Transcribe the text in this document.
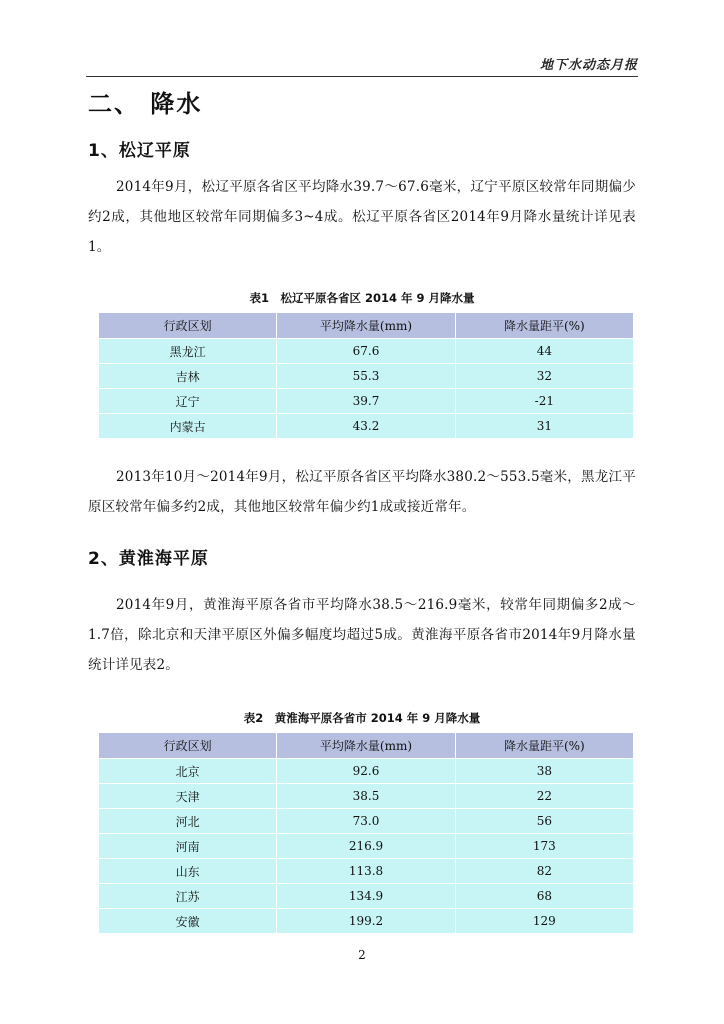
地下水动态月报
二、 降水
1、松辽平原
2014年9月，松辽平原各省区平均降水39.7～67.6毫米，辽宁平原区较常年同期偏少约2成，其他地区较常年同期偏多3~4成。松辽平原各省区2014年9月降水量统计详见表1。
表1　松辽平原各省区 2014 年 9 月降水量
行政区划	平均降水量(mm)	降水量距平(%)
黑龙江	67.6	44
吉林	55.3	32
辽宁	39.7	-21
内蒙古	43.2	31
2013年10月～2014年9月，松辽平原各省区平均降水380.2～553.5毫米，黑龙江平原区较常年偏多约2成，其他地区较常年偏少约1成或接近常年。
2、黄淮海平原
2014年9月，黄淮海平原各省市平均降水38.5～216.9毫米，较常年同期偏多2成～1.7倍，除北京和天津平原区外偏多幅度均超过5成。黄淮海平原各省市2014年9月降水量统计详见表2。
表2　黄淮海平原各省市 2014 年 9 月降水量
行政区划	平均降水量(mm)	降水量距平(%)
北京	92.6	38
天津	38.5	22
河北	73.0	56
河南	216.9	173
山东	113.8	82
江苏	134.9	68
安徽	199.2	129
2
